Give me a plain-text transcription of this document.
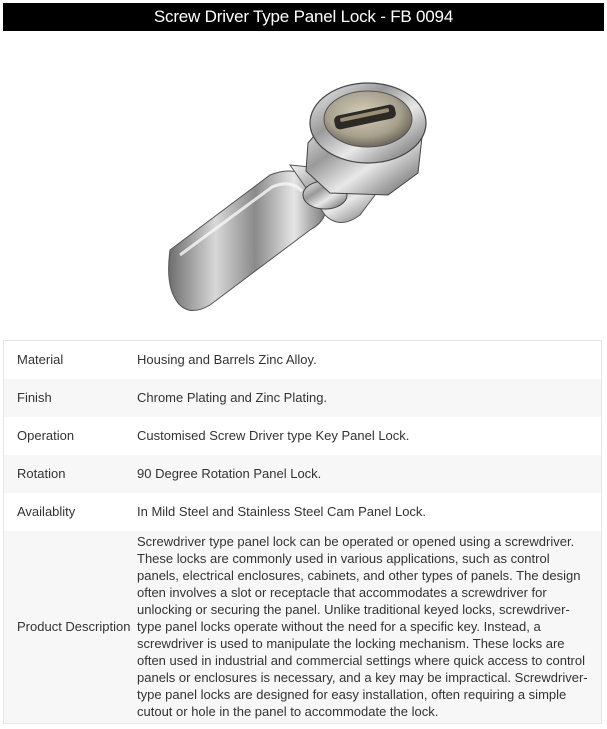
Screw Driver Type Panel Lock - FB 0094
Material	Housing and Barrels Zinc Alloy.
Finish	Chrome Plating and Zinc Plating.
Operation	Customised Screw Driver type Key Panel Lock.
Rotation	90 Degree Rotation Panel Lock.
Availablity	In Mild Steel and Stainless Steel Cam Panel Lock.
Product Description	Screwdriver type panel lock can be operated or opened using a screwdriver. These locks are commonly used in various applications, such as control panels, electrical enclosures, cabinets, and other types of panels. The design often involves a slot or receptacle that accommodates a screwdriver for unlocking or securing the panel. Unlike traditional keyed locks, screwdriver-type panel locks operate without the need for a specific key. Instead, a screwdriver is used to manipulate the locking mechanism. These locks are often used in industrial and commercial settings where quick access to control panels or enclosures is necessary, and a key may be impractical. Screwdriver-type panel locks are designed for easy installation, often requiring a simple cutout or hole in the panel to accommodate the lock.
